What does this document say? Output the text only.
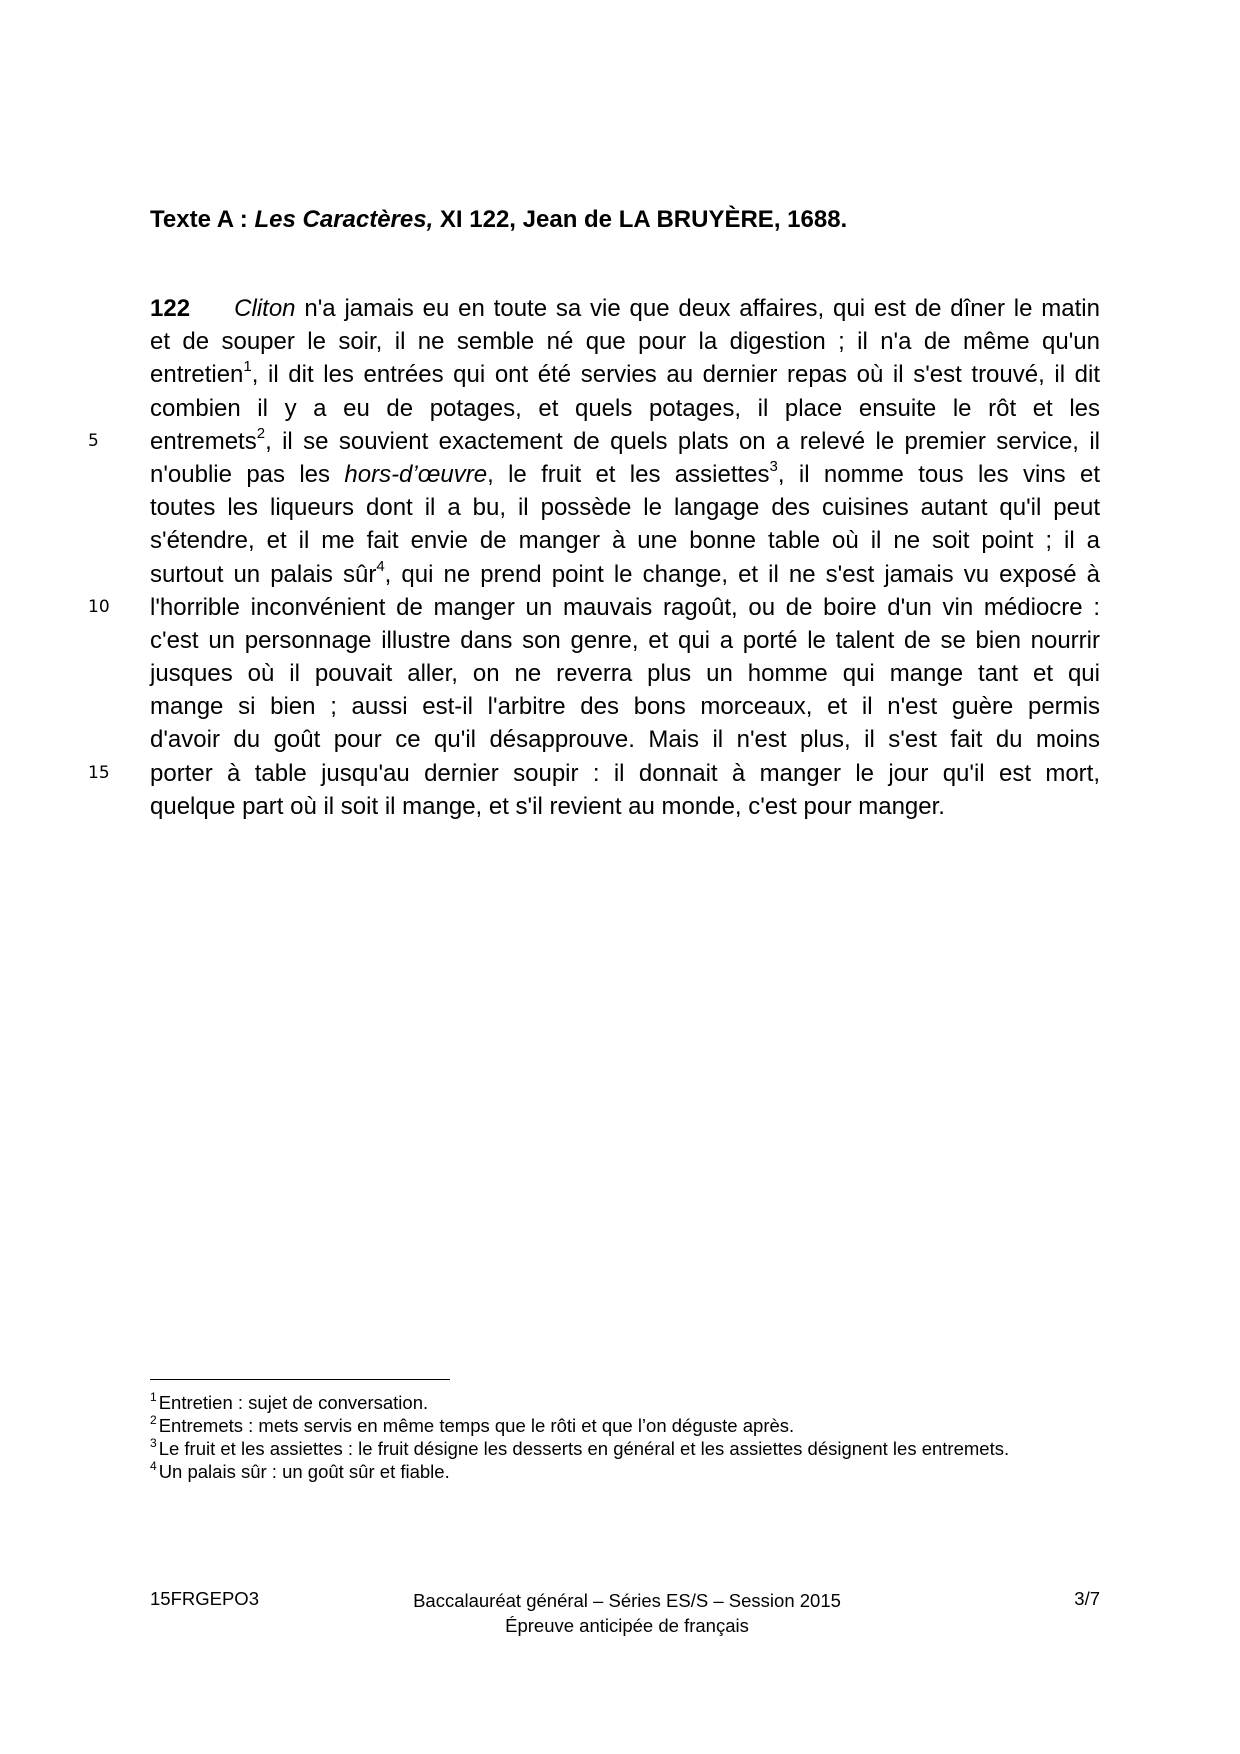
Texte A : Les Caractères, XI 122, Jean de LA BRUYÈRE, 1688.
122 Cliton n'a jamais eu en toute sa vie que deux affaires, qui est de dîner le matin
et de souper le soir, il ne semble né que pour la digestion ; il n'a de même qu'un
entretien$^1$, il dit les entrées qui ont été servies au dernier repas où il s'est trouvé, il dit
combien il y a eu de potages, et quels potages, il place ensuite le rôt et les
5	entremets$^2$, il se souvient exactement de quels plats on a relevé le premier service, il
n'oublie pas les hors-d’œuvre, le fruit et les assiettes$^3$, il nomme tous les vins et
toutes les liqueurs dont il a bu, il possède le langage des cuisines autant qu'il peut
s'étendre, et il me fait envie de manger à une bonne table où il ne soit point ; il a
surtout un palais sûr$^4$, qui ne prend point le change, et il ne s'est jamais vu exposé à
10 l'horrible inconvénient de manger un mauvais ragoût, ou de boire d'un vin médiocre :
c'est un personnage illustre dans son genre, et qui a porté le talent de se bien nourrir
jusques où il pouvait aller, on ne reverra plus un homme qui mange tant et qui
mange si bien ; aussi est-il l'arbitre des bons morceaux, et il n'est guère permis
d'avoir du goût pour ce qu'il désapprouve. Mais il n'est plus, il s'est fait du moins
15 porter à table jusqu'au dernier soupir : il donnait à manger le jour qu'il est mort,
quelque part où il soit il mange, et s'il revient au monde, c'est pour manger.
$^1$ Entretien : sujet de conversation.
$^2$ Entremets : mets servis en même temps que le rôti et que l’on déguste après.
$^3$ Le fruit et les assiettes : le fruit désigne les desserts en général et les assiettes désignent les entremets.
$^4$ Un palais sûr : un goût sûr et fiable.
15FRGEPO3	Baccalauréat général – Séries ES/S – Session 2015
Épreuve anticipée de français
3/7
